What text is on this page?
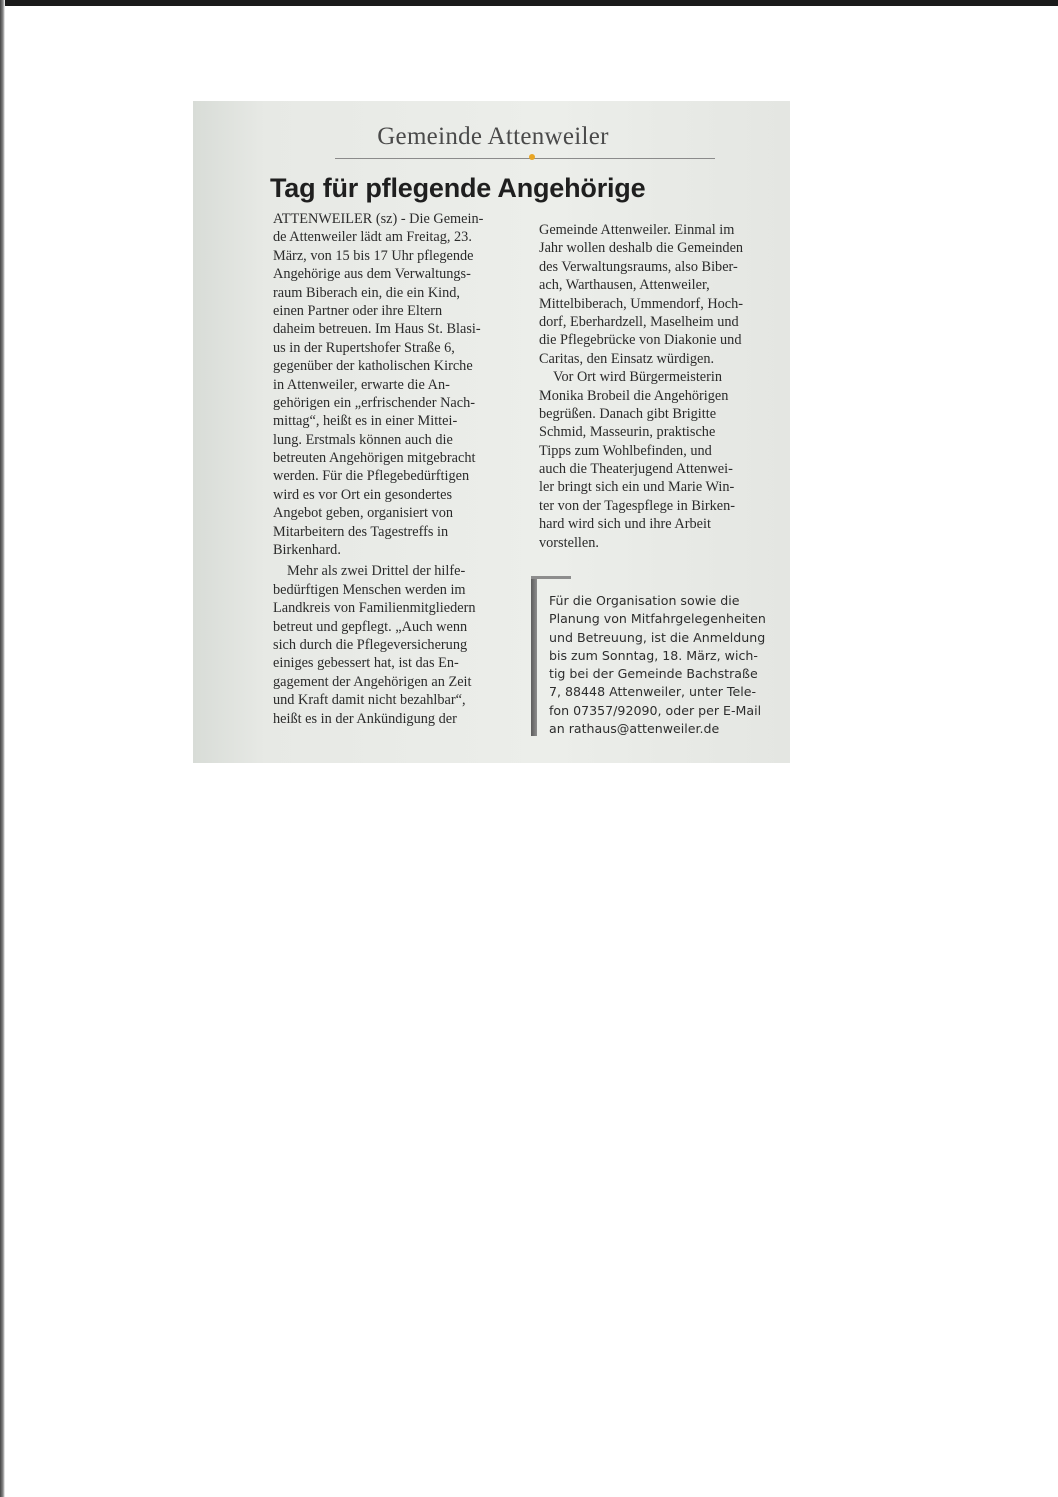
Gemeinde Attenweiler
Tag für pflegende Angehörige
ATTENWEILER (sz) - Die Gemein-
de Attenweiler lädt am Freitag, 23.
März, von 15 bis 17 Uhr pflegende
Angehörige aus dem Verwaltungs-
raum Biberach ein, die ein Kind,
einen Partner oder ihre Eltern
daheim betreuen. Im Haus St. Blasi-
us in der Rupertshofer Straße 6,
gegenüber der katholischen Kirche
in Attenweiler, erwarte die An-
gehörigen ein „erfrischender Nach-
mittag“, heißt es in einer Mittei-
lung. Erstmals können auch die
betreuten Angehörigen mitgebracht
werden. Für die Pflegebedürftigen
wird es vor Ort ein gesondertes
Angebot geben, organisiert von
Mitarbeitern des Tagestreffs in
Birkenhard.
Mehr als zwei Drittel der hilfe-
bedürftigen Menschen werden im
Landkreis von Familienmitgliedern
betreut und gepflegt. „Auch wenn
sich durch die Pflegeversicherung
einiges gebessert hat, ist das En-
gagement der Angehörigen an Zeit
und Kraft damit nicht bezahlbar“,
heißt es in der Ankündigung der
Gemeinde Attenweiler. Einmal im
Jahr wollen deshalb die Gemeinden
des Verwaltungsraums, also Biber-
ach, Warthausen, Attenweiler,
Mittelbiberach, Ummendorf, Hoch-
dorf, Eberhardzell, Maselheim und
die Pflegebrücke von Diakonie und
Caritas, den Einsatz würdigen.
Vor Ort wird Bürgermeisterin
Monika Brobeil die Angehörigen
begrüßen. Danach gibt Brigitte
Schmid, Masseurin, praktische
Tipps zum Wohlbefinden, und
auch die Theaterjugend Attenwei-
ler bringt sich ein und Marie Win-
ter von der Tagespflege in Birken-
hard wird sich und ihre Arbeit
vorstellen.
Für die Organisation sowie die
Planung von Mitfahrgelegenheiten
und Betreuung, ist die Anmeldung
bis zum Sonntag, 18. März, wich-
tig bei der Gemeinde Bachstraße
7, 88448 Attenweiler, unter Tele-
fon 07357/92090, oder per E-Mail
an rathaus@attenweiler.de
